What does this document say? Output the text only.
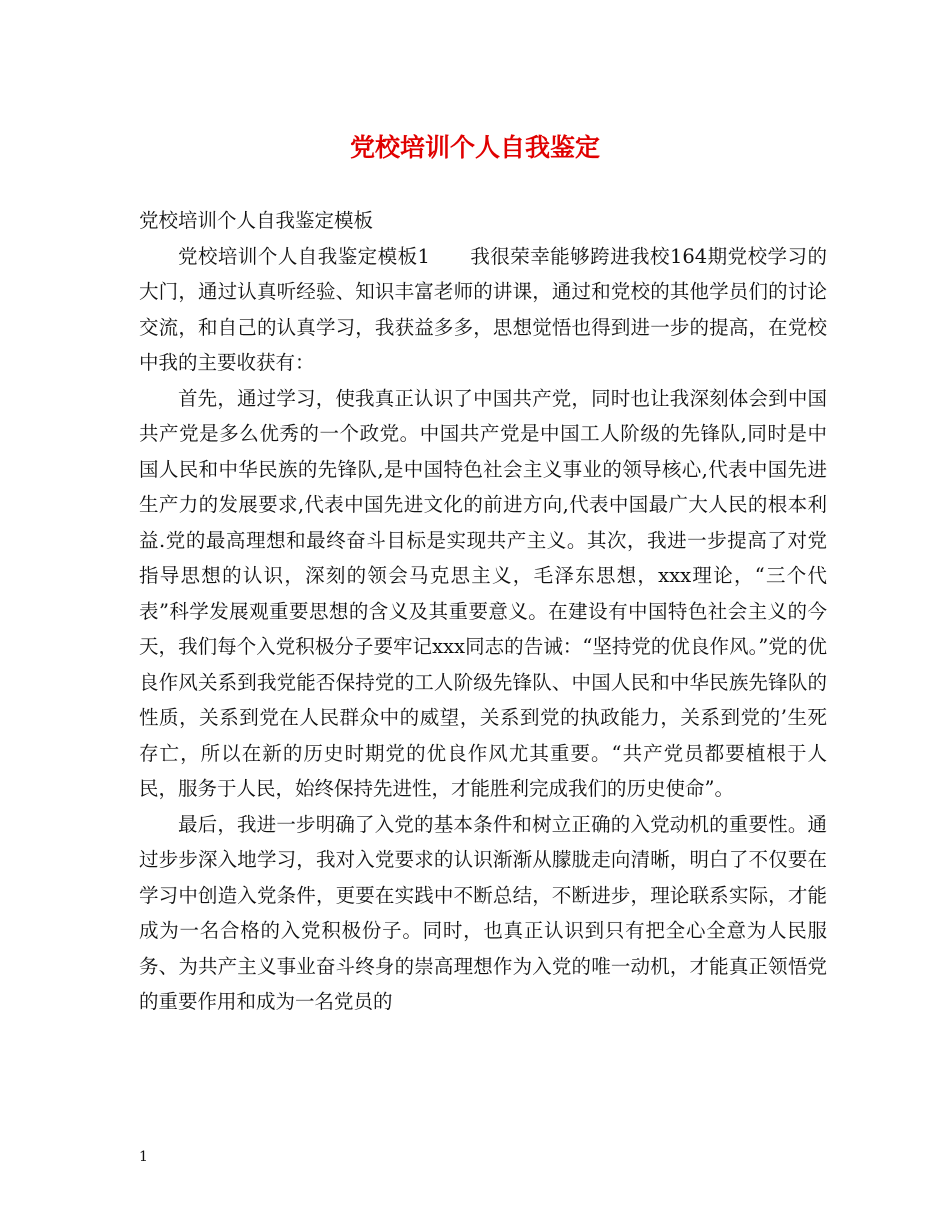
党校培训个人自我鉴定

党校培训个人自我鉴定模板

党校培训个人自我鉴定模板1　　我很荣幸能够跨进我校164期党校学习的大门，通过认真听经验、知识丰富老师的讲课，通过和党校的其他学员们的讨论交流，和自己的认真学习，我获益多多，思想觉悟也得到进一步的提高，在党校中我的主要收获有：

首先，通过学习，使我真正认识了中国共产党，同时也让我深刻体会到中国共产党是多么优秀的一个政党。中国共产党是中国工人阶级的先锋队,同时是中国人民和中华民族的先锋队,是中国特色社会主义事业的领导核心,代表中国先进生产力的发展要求,代表中国先进文化的前进方向,代表中国最广大人民的根本利益.党的最高理想和最终奋斗目标是实现共产主义。其次，我进一步提高了对党指导思想的认识，深刻的领会马克思主义，毛泽东思想，xxx理论，“三个代表”科学发展观重要思想的含义及其重要意义。在建设有中国特色社会主义的今天，我们每个入党积极分子要牢记xxx同志的告诫：“坚持党的优良作风。”党的优良作风关系到我党能否保持党的工人阶级先锋队、中国人民和中华民族先锋队的性质，关系到党在人民群众中的威望，关系到党的执政能力，关系到党的’生死存亡，所以在新的历史时期党的优良作风尤其重要。“共产党员都要植根于人民，服务于人民，始终保持先进性，才能胜利完成我们的历史使命”。

最后，我进一步明确了入党的基本条件和树立正确的入党动机的重要性。通过步步深入地学习，我对入党要求的认识渐渐从朦胧走向清晰，明白了不仅要在学习中创造入党条件，更要在实践中不断总结，不断进步，理论联系实际，才能成为一名合格的入党积极份子。同时，也真正认识到只有把全心全意为人民服务、为共产主义事业奋斗终身的崇高理想作为入党的唯一动机，才能真正领悟党的重要作用和成为一名党员的

1
